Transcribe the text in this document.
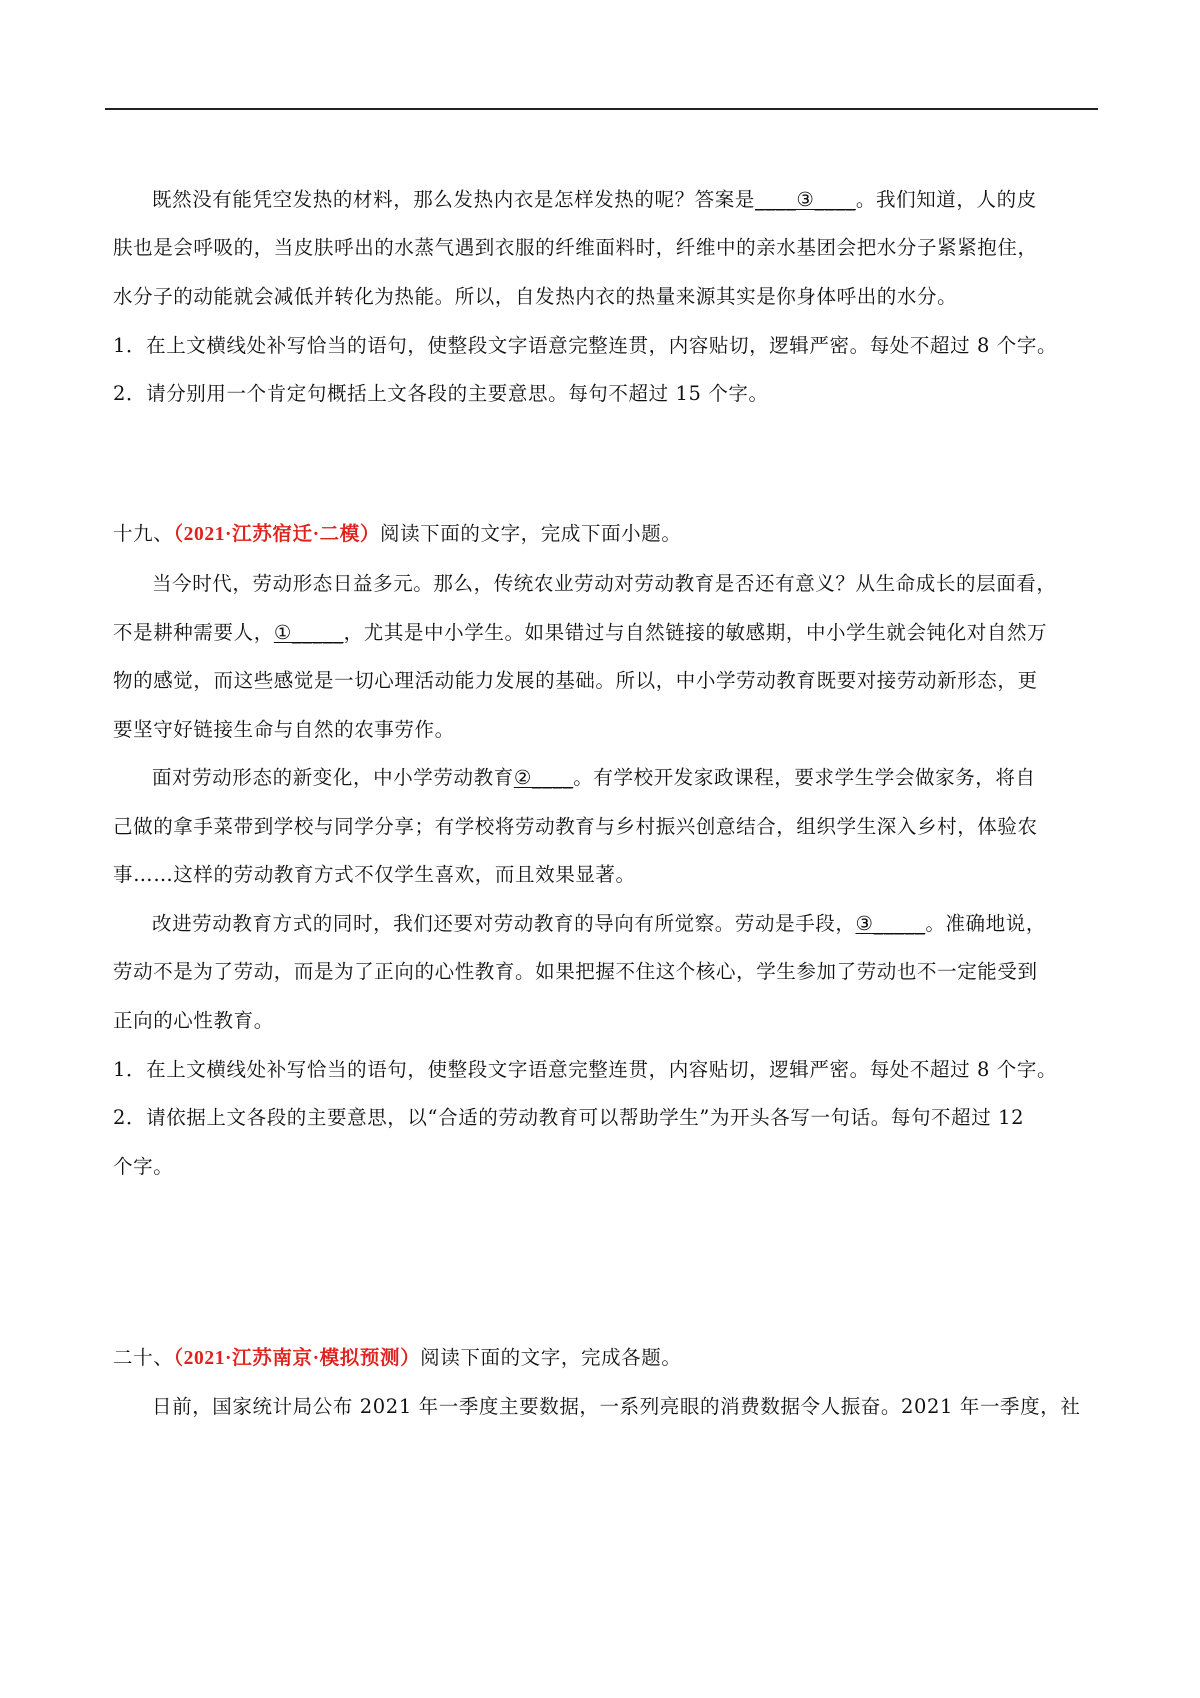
既然没有能凭空发热的材料，那么发热内衣是怎样发热的呢？答案是____③____。我们知道，人的皮
肤也是会呼吸的，当皮肤呼出的水蒸气遇到衣服的纤维面料时，纤维中的亲水基团会把水分子紧紧抱住，
水分子的动能就会减低并转化为热能。所以，自发热内衣的热量来源其实是你身体呼出的水分。
1．在上文横线处补写恰当的语句，使整段文字语意完整连贯，内容贴切，逻辑严密。每处不超过 8 个字。
2．请分别用一个肯定句概括上文各段的主要意思。每句不超过 15 个字。
十九、（2021·江苏宿迁·二模）阅读下面的文字，完成下面小题。
当今时代，劳动形态日益多元。那么，传统农业劳动对劳动教育是否还有意义？从生命成长的层面看，
不是耕种需要人，①_____，尤其是中小学生。如果错过与自然链接的敏感期，中小学生就会钝化对自然万
物的感觉，而这些感觉是一切心理活动能力发展的基础。所以，中小学劳动教育既要对接劳动新形态，更
要坚守好链接生命与自然的农事劳作。
面对劳动形态的新变化，中小学劳动教育②____。有学校开发家政课程，要求学生学会做家务，将自
己做的拿手菜带到学校与同学分享；有学校将劳动教育与乡村振兴创意结合，组织学生深入乡村，体验农
事……这样的劳动教育方式不仅学生喜欢，而且效果显著。
改进劳动教育方式的同时，我们还要对劳动教育的导向有所觉察。劳动是手段，③_____。准确地说，
劳动不是为了劳动，而是为了正向的心性教育。如果把握不住这个核心，学生参加了劳动也不一定能受到
正向的心性教育。
1．在上文横线处补写恰当的语句，使整段文字语意完整连贯，内容贴切，逻辑严密。每处不超过 8 个字。
2．请依据上文各段的主要意思，以“合适的劳动教育可以帮助学生”为开头各写一句话。每句不超过 12
个字。
二十、（2021·江苏南京·模拟预测）阅读下面的文字，完成各题。
日前，国家统计局公布 2021 年一季度主要数据，一系列亮眼的消费数据令人振奋。2021 年一季度，社
